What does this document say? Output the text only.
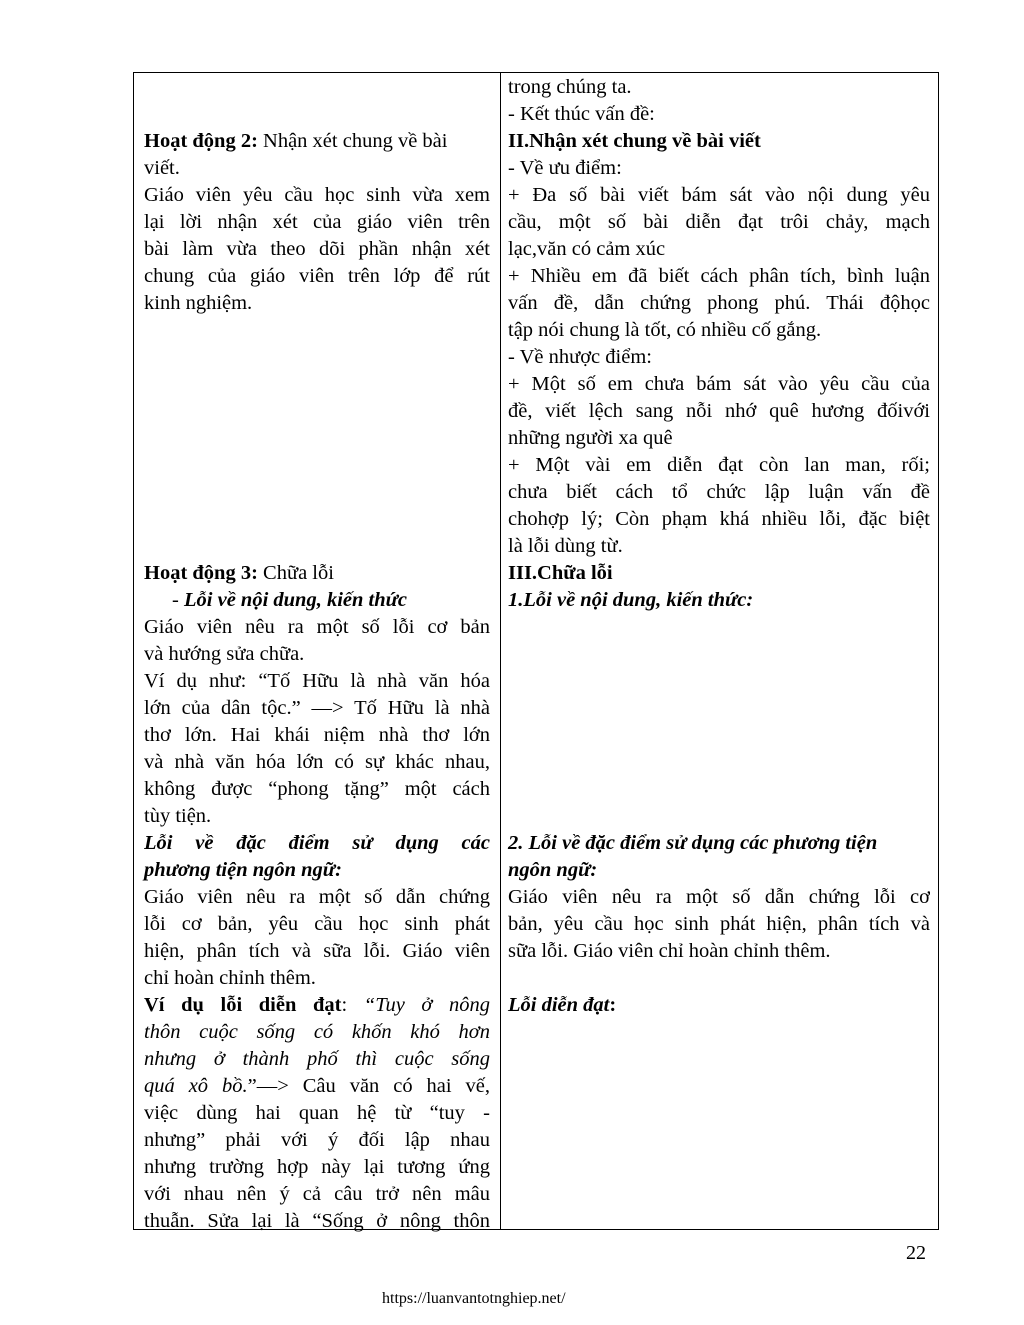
Hoạt động 2: Nhận xét chung về bài
viết.
Giáo viên yêu cầu học sinh vừa xem
lại lời nhận xét của giáo viên trên
bài làm vừa theo dõi phần nhận xét
chung của giáo viên trên lớp để rút
kinh nghiệm.
Hoạt động 3: Chữa lỗi
- Lỗi về nội dung, kiến thức
Giáo viên nêu ra một số lỗi cơ bản
và hướng sửa chữa.
Ví dụ như: “Tố Hữu là nhà văn hóa
lớn của dân tộc.” —> Tố Hữu là nhà
thơ lớn. Hai khái niệm nhà thơ lớn
và nhà văn hóa lớn có sự khác nhau,
không được “phong tặng” một cách
tùy tiện.
Lỗi về đặc điểm sử dụng các
phương tiện ngôn ngữ:
Giáo viên nêu ra một số dẫn chứng
lỗi cơ bản, yêu cầu học sinh phát
hiện, phân tích và sữa lỗi. Giáo viên
chỉ hoàn chỉnh thêm.
Ví dụ lỗi diễn đạt: “Tuy ở nông
thôn cuộc sống có khốn khó hơn
nhưng ở thành phố thì cuộc sống
quá xô bồ.”—> Câu văn có hai vế,
việc dùng hai quan hệ từ “tuy -
nhưng” phải với ý đối lập nhau
nhưng trường hợp này lại tương ứng
với nhau nên ý cả câu trở nên mâu
thuẫn. Sửa lại là “Sống ở nông thôn
trong chúng ta.
- Kết thúc vấn đề:
II.Nhận xét chung về bài viết
- Về ưu điểm:
+ Đa số bài viết bám sát vào nội dung yêu
cầu, một số bài diễn đạt trôi chảy, mạch
lạc,văn có cảm xúc
+ Nhiều em đã biết cách phân tích, bình luận
vấn đề, dẫn chứng phong phú. Thái độhọc
tập nói chung là tốt, có nhiều cố gắng.
- Về nhược điểm:
+ Một số em chưa bám sát vào yêu cầu của
đề, viết lệch sang nỗi nhớ quê hương đốivới
những người xa quê
+ Một vài em diễn đạt còn lan man, rối;
chưa biết cách tổ chức lập luận vấn đề
chohợp lý; Còn phạm khá nhiều lỗi, đặc biệt
là lỗi dùng từ.
III.Chữa lỗi
1.Lỗi về nội dung, kiến thức:
2. Lỗi về đặc điểm sử dụng các phương tiện
ngôn ngữ:
Giáo viên nêu ra một số dẫn chứng lỗi cơ
bản, yêu cầu học sinh phát hiện, phân tích và
sữa lỗi. Giáo viên chỉ hoàn chỉnh thêm.
Lỗi diễn đạt:
22
https://luanvantotnghiep.net/
